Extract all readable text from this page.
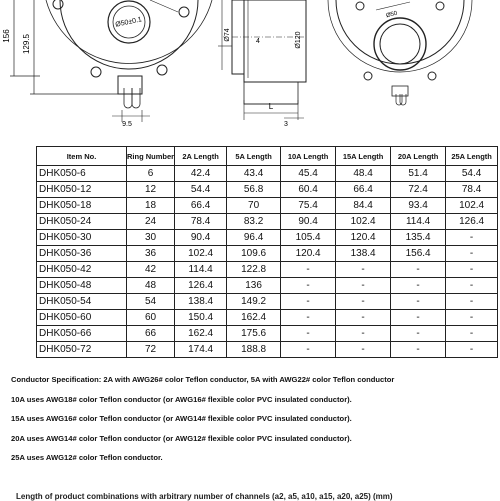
156 129.5
Ø50±0.1
9.5
Ø74	4	Ø120
L
3
Ø50
Item No.	Ring Number	2A Length	5A Length	10A Length	15A Length	20A Length	25A Length
DHK050-6	6	42.4	43.4	45.4	48.4	51.4	54.4
DHK050-12	12	54.4	56.8	60.4	66.4	72.4	78.4
DHK050-18	18	66.4	70	75.4	84.4	93.4	102.4
DHK050-24	24	78.4	83.2	90.4	102.4	114.4	126.4
DHK050-30	30	90.4	96.4	105.4	120.4	135.4	-
DHK050-36	36	102.4	109.6	120.4	138.4	156.4	-
DHK050-42	42	114.4	122.8	-	-	-	-
DHK050-48	48	126.4	136	-	-	-	-
DHK050-54	54	138.4	149.2	-	-	-	-
DHK050-60	60	150.4	162.4	-	-	-	-
DHK050-66	66	162.4	175.6	-	-	-	-
DHK050-72	72	174.4	188.8	-	-	-	-

Conductor Specification: 2A with AWG26# color Teflon conductor, 5A with AWG22# color Teflon conductor

10A uses AWG18# color Teflon conductor (or AWG16# flexible color PVC insulated conductor).

15A uses AWG16# color Teflon conductor (or AWG14# flexible color PVC insulated conductor).

20A uses AWG14# color Teflon conductor (or AWG12# flexible color PVC insulated conductor).

25A uses AWG12# color Teflon conductor.

Length of product combinations with arbitrary number of channels (a2, a5, a10, a15, a20, a25) (mm)
